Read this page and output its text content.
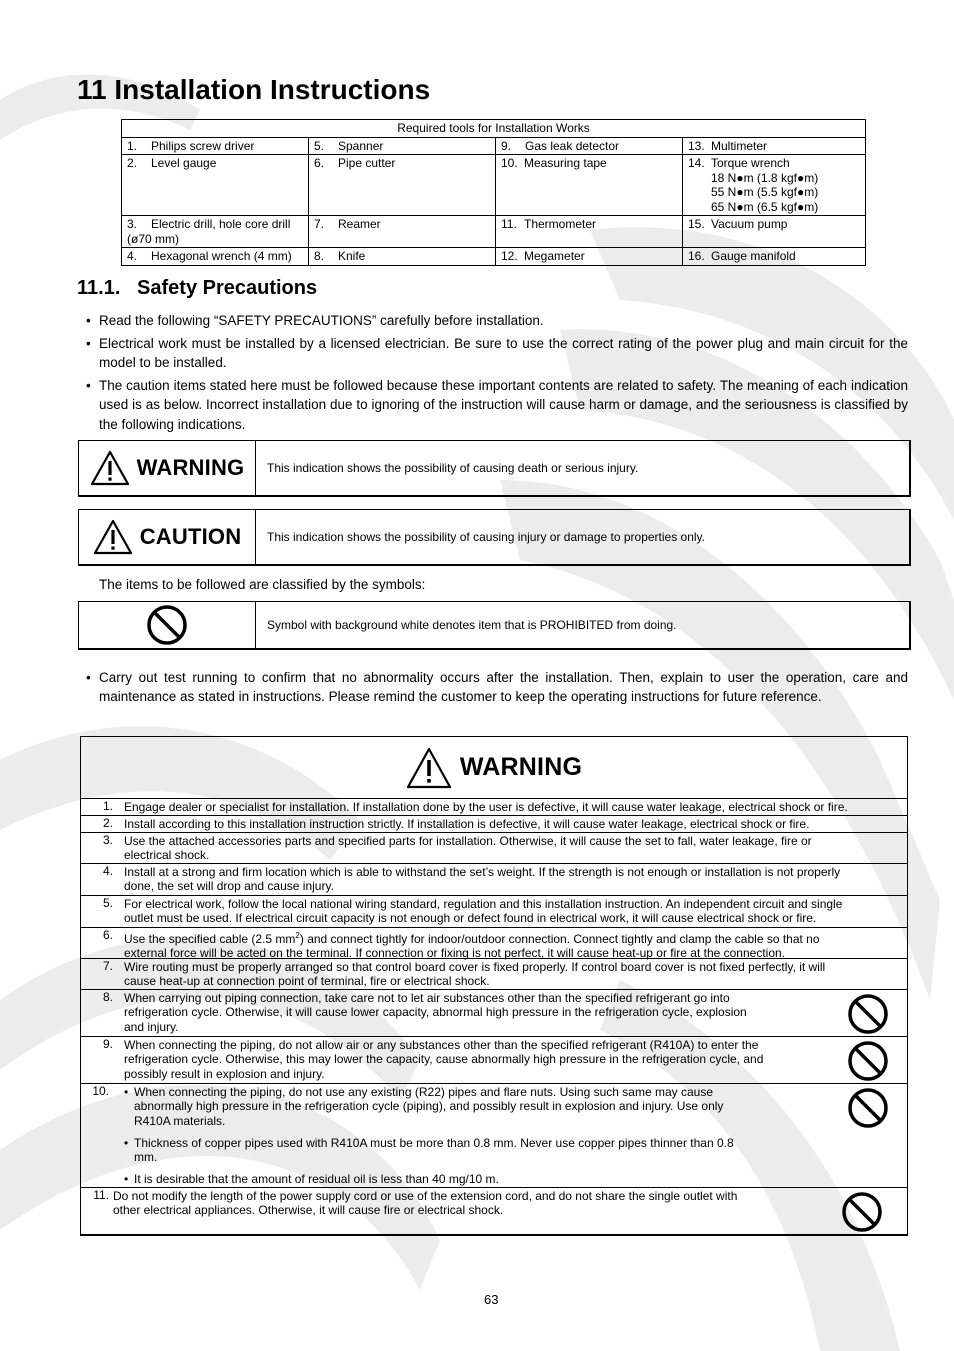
11 Installation Instructions
Required tools for Installation Works			
1. Philips screw driver	5. Spanner	9. Gas leak detector	13. Multimeter
2. Level gauge	6. Pipe cutter	10. Measuring tape	14. Torque wrench
18 N●m (1.8 kgf●m)
55 N●m (5.5 kgf●m)
65 N●m (6.5 kgf●m)

3. Electric drill, hole core drill
(ø70 mm)	7. Reamer	11. Thermometer	15. Vacuum pump
4. Hexagonal wrench (4 mm)	8. Knife	12. Megameter	16. Gauge manifold
11.1.   Safety Precautions
• Read the following “SAFETY PRECAUTIONS” carefully before installation.
• Electrical work must be installed by a licensed electrician. Be sure to use the correct rating of the power plug and main circuit for the model to be installed.
• The caution items stated here must be followed because these important contents are related to safety. The meaning of each indication used is as below. Incorrect installation due to ignoring of the instruction will cause harm or damage, and the seriousness is classified by the following indications.
WARNING	This indication shows the possibility of causing death or serious injury.
CAUTION	This indication shows the possibility of causing injury or damage to properties only.
The items to be followed are classified by the symbols:
Symbol with background white denotes item that is PROHIBITED from doing.
• Carry out test running to confirm that no abnormality occurs after the installation. Then, explain to user the operation, care and maintenance as stated in instructions. Please remind the customer to keep the operating instructions for future reference.
WARNING
1. Engage dealer or specialist for installation. If installation done by the user is defective, it will cause water leakage, electrical shock or fire.
2. Install according to this installation instruction strictly. If installation is defective, it will cause water leakage, electrical shock or fire.
3. Use the attached accessories parts and specified parts for installation. Otherwise, it will cause the set to fall, water leakage, fire or
electrical shock.
4. Install at a strong and firm location which is able to withstand the set’s weight. If the strength is not enough or installation is not properly
done, the set will drop and cause injury.
5. For electrical work, follow the local national wiring standard, regulation and this installation instruction. An independent circuit and single
outlet must be used. If electrical circuit capacity is not enough or defect found in electrical work, it will cause electrical shock or fire.
6. Use the specified cable (2.5 $mm^2$) and connect tightly for indoor/outdoor connection. Connect tightly and clamp the cable so that no
external force will be acted on the terminal. If connection or fixing is not perfect, it will cause heat-up or fire at the connection.
7. Wire routing must be properly arranged so that control board cover is fixed properly. If control board cover is not fixed perfectly, it will
cause heat-up at connection point of terminal, fire or electrical shock.
8. When carrying out piping connection, take care not to let air substances other than the specified refrigerant go into
refrigeration cycle. Otherwise, it will cause lower capacity, abnormal high pressure in the refrigeration cycle, explosion
and injury.
9. When connecting the piping, do not allow air or any substances other than the specified refrigerant (R410A) to enter the
refrigeration cycle. Otherwise, this may lower the capacity, cause abnormally high pressure in the refrigeration cycle, and
possibly result in explosion and injury.
10. • When connecting the piping, do not use any existing (R22) pipes and flare nuts. Using such same may cause
abnormally high pressure in the refrigeration cycle (piping), and possibly result in explosion and injury. Use only
R410A materials.
• Thickness of copper pipes used with R410A must be more than 0.8 mm. Never use copper pipes thinner than 0.8
mm.
• It is desirable that the amount of residual oil is less than 40 mg/10 m.
11. Do not modify the length of the power supply cord or use of the extension cord, and do not share the single outlet with
other electrical appliances. Otherwise, it will cause fire or electrical shock.
63
